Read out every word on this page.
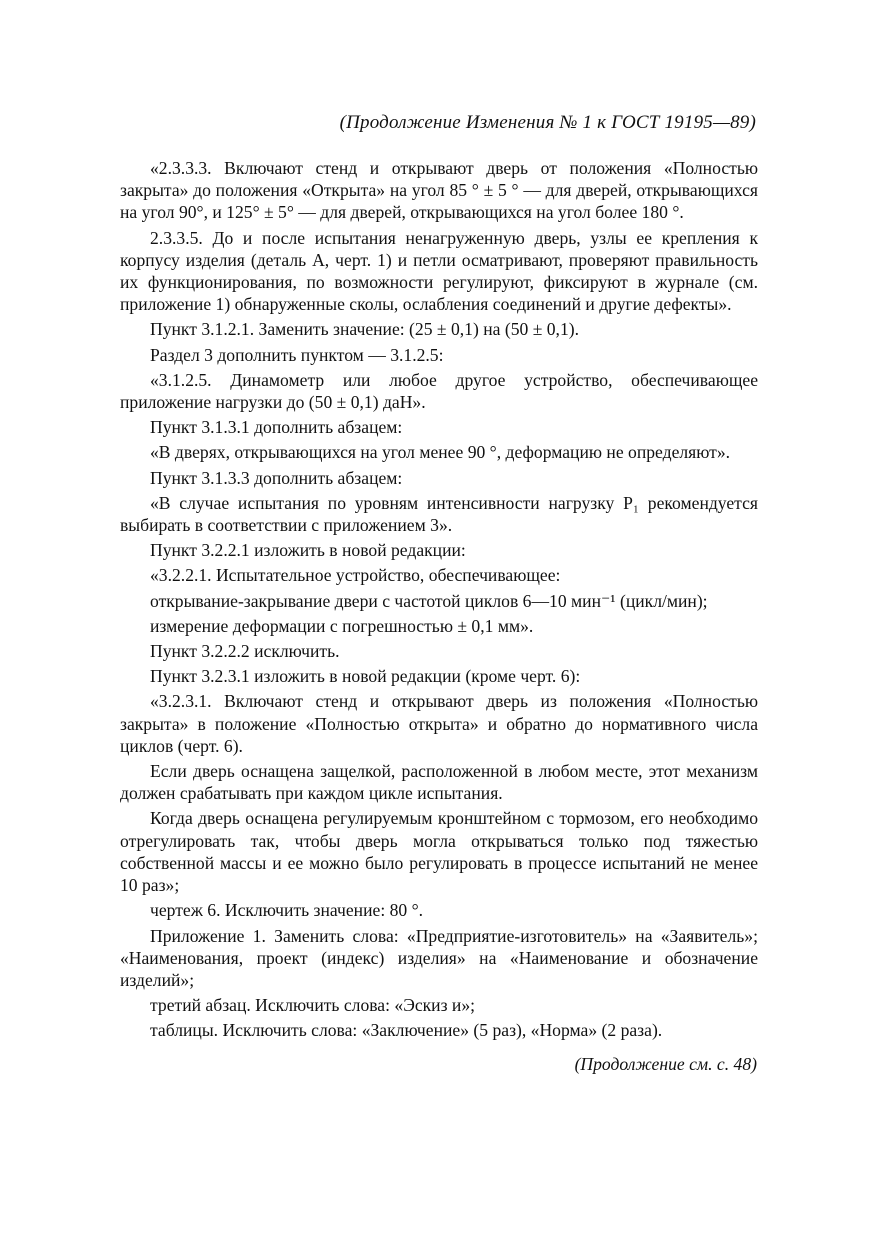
(Продолжение Изменения № 1 к ГОСТ 19195—89)

«2.3.3.3. Включают стенд и открывают дверь от положения «Полностью закрыта» до положения «Открыта» на угол 85 ° ± 5 ° — для дверей, открывающихся на угол 90°, и 125° ± 5° — для дверей, открывающихся на угол более 180 °.

2.3.3.5. До и после испытания ненагруженную дверь, узлы ее крепления к корпусу изделия (деталь А, черт. 1) и петли осматривают, проверяют правильность их функционирования, по возможности регулируют, фиксируют в журнале (см. приложение 1) обнаруженные сколы, ослабления соединений и другие дефекты».

Пункт 3.1.2.1. Заменить значение: (25 ± 0,1) на (50 ± 0,1).

Раздел 3 дополнить пунктом — 3.1.2.5:

«3.1.2.5. Динамометр или любое другое устройство, обеспечивающее приложение нагрузки до (50 ± 0,1) даН».

Пункт 3.1.3.1 дополнить абзацем:

«В дверях, открывающихся на угол менее 90 °, деформацию не определяют».

Пункт 3.1.3.3 дополнить абзацем:

«В случае испытания по уровням интенсивности нагрузку P₁ рекомендуется выбирать в соответствии с приложением 3».

Пункт 3.2.2.1 изложить в новой редакции:

«3.2.2.1. Испытательное устройство, обеспечивающее:

открывание-закрывание двери с частотой циклов 6—10 мин⁻¹ (цикл/мин);

измерение деформации с погрешностью ± 0,1 мм».

Пункт 3.2.2.2 исключить.

Пункт 3.2.3.1 изложить в новой редакции (кроме черт. 6):

«3.2.3.1. Включают стенд и открывают дверь из положения «Полностью закрыта» в положение «Полностью открыта» и обратно до нормативного числа циклов (черт. 6).

Если дверь оснащена защелкой, расположенной в любом месте, этот механизм должен срабатывать при каждом цикле испытания.

Когда дверь оснащена регулируемым кронштейном с тормозом, его необходимо отрегулировать так, чтобы дверь могла открываться только под тяжестью собственной массы и ее можно было регулировать в процессе испытаний не менее 10 раз»;

чертеж 6. Исключить значение: 80 °.

Приложение 1. Заменить слова: «Предприятие-изготовитель» на «Заявитель»; «Наименования, проект (индекс) изделия» на «Наименование и обозначение изделий»;

третий абзац. Исключить слова: «Эскиз и»;

таблицы. Исключить слова: «Заключение» (5 раз), «Норма» (2 раза).

(Продолжение см. с. 48)
